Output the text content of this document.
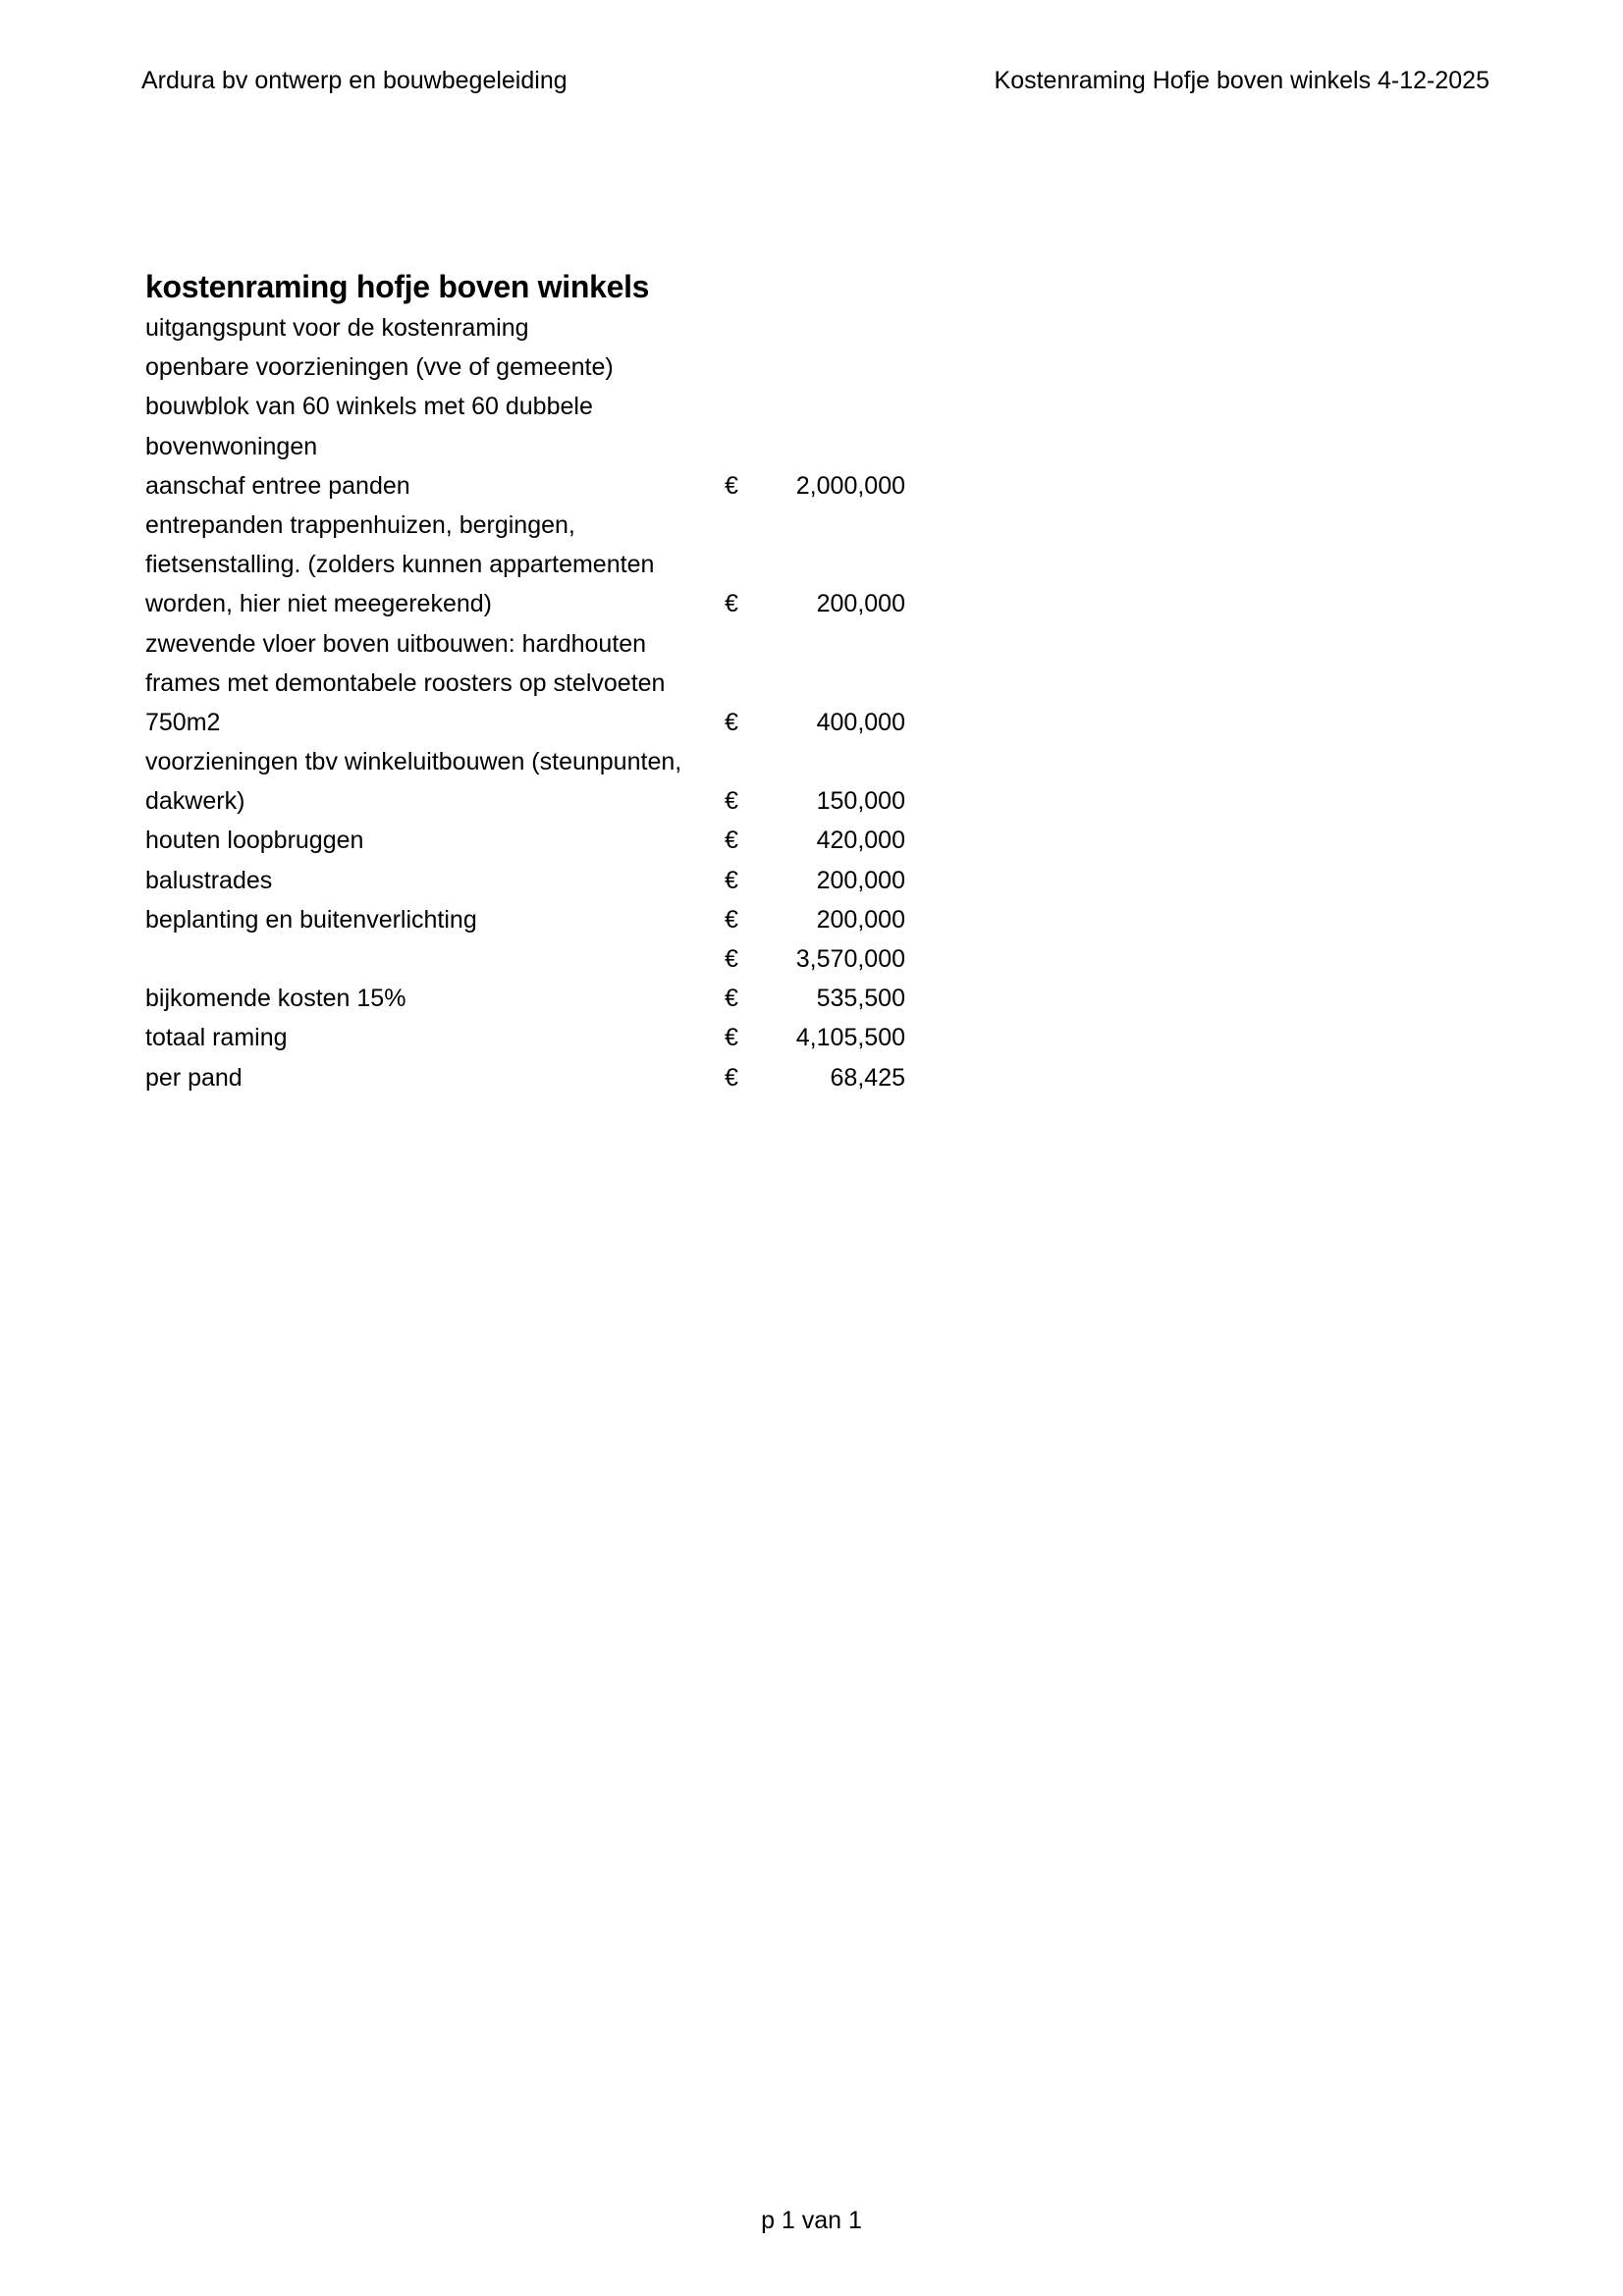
Ardura bv ontwerp en bouwbegeleiding	Kostenraming Hofje boven winkels 4-12-2025
kostenraming hofje boven winkels
uitgangspunt voor de kostenraming
openbare voorzieningen (vve of gemeente)
bouwblok van 60 winkels met 60 dubbele
bovenwoningen
aanschaf entree panden	€ 2,000,000
entrepanden trappenhuizen, bergingen,
fietsenstalling. (zolders kunnen appartementen
worden, hier niet meegerekend)	€	200,000
zwevende vloer boven uitbouwen: hardhouten
frames met demontabele roosters op stelvoeten
750m2	€	400,000
voorzieningen tbv winkeluitbouwen (steunpunten,
dakwerk)	€	150,000
houten loopbruggen	€	420,000
balustrades	€	200,000
beplanting en buitenverlichting	€	200,000
€ 3,570,000
bijkomende kosten 15%	€	535,500
totaal raming	€ 4,105,500
per pand	€	68,425
p 1 van 1
